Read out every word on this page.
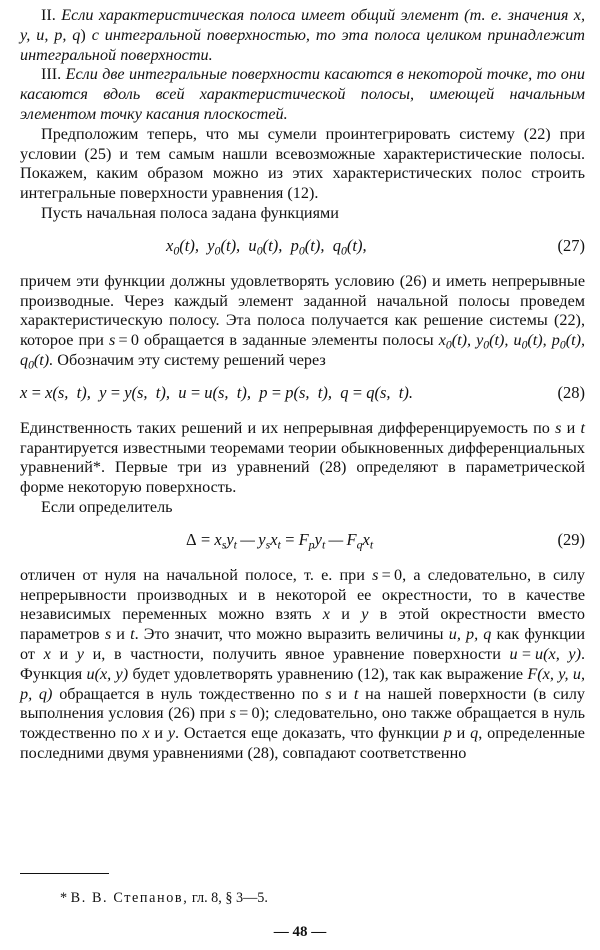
II. Если характеристическая полоса имеет общий элемент (т. е. значения x, y, u, p, q) с интегральной поверхностью, то эта полоса целиком принадлежит интегральной поверхности.

III. Если две интегральные поверхности касаются в некоторой точке, то они касаются вдоль всей характеристической полосы, имеющей начальным элементом точку касания плоскостей.

Предположим теперь, что мы сумели проинтегрировать систему (22) при условии (25) и тем самым нашли всевозможные характеристические полосы. Покажем, каким образом можно из этих характеристических полос строить интегральные поверхности уравнения (12).

Пусть начальная полоса задана функциями

$x_0(t)$,  $y_0(t)$,  $u_0(t)$,  $p_0(t)$,  $q_0(t)$,	(27)

причем эти функции должны удовлетворять условию (26) и иметь непрерывные производные. Через каждый элемент заданной начальной полосы проведем характеристическую полосу. Эта полоса получается как решение системы (22), которое при s = 0 обращается в заданные элементы полосы $x_0(t)$, $y_0(t)$, $u_0(t)$, $p_0(t)$, $q_0(t)$. Обозначим эту систему решений через

x = x(s,  t),  y = y(s,  t),  u = u(s,  t),  p = p(s,  t),  q = q(s,  t).	(28)

Единственность таких решений и их непрерывная дифференцируемость по s и t гарантируется известными теоремами теории обыкновенных дифференциальных уравнений*. Первые три из уравнений (28) определяют в параметрической форме некоторую поверхность.

Если определитель

$\Delta = x_sy_t$ — $y_sx_t = F_py_t$ — $F_qx_t$	(29)

отличен от нуля на начальной полосе, т. е. при s = 0, а следовательно, в силу непрерывности производных и в некоторой ее окрестности, то в качестве независимых переменных можно взять x и y в этой окрестности вместо параметров s и t. Это значит, что можно выразить величины u, p, q как функции от x и y и, в частности, получить явное уравнение поверхности u = u(x, y). Функция u(x, y) будет удовлетворять уравнению (12), так как выражение F(x, y, u, p, q) обращается в нуль тождественно по s и t на нашей поверхности (в силу выполнения условия (26) при s = 0); следовательно, оно также обращается в нуль тождественно по x и y. Остается еще доказать, что функции p и q, определенные последними двумя уравнениями (28), совпадают соответственно

* В. В. Степанов, гл. 8, § 3—5.
— 48 —
